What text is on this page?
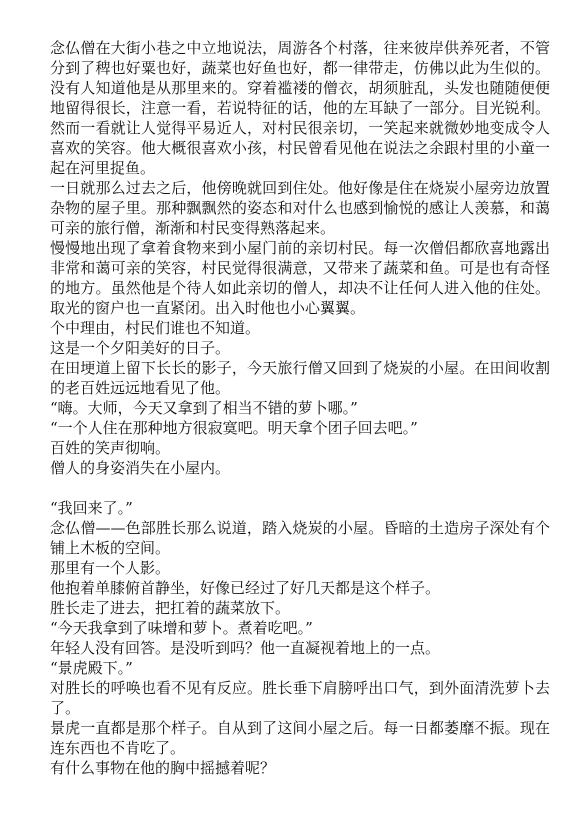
念仏僧在大街小巷之中立地说法，周游各个村落，往来彼岸供养死者，不管分到了稗也好粟也好，蔬菜也好鱼也好，都一律带走，仿佛以此为生似的。没有人知道他是从那里来的。穿着褴褛的僧衣，胡须脏乱，头发也随随便便地留得很长，注意一看，若说特征的话，他的左耳缺了一部分。目光锐利。然而一看就让人觉得平易近人，对村民很亲切，一笑起来就微妙地变成令人喜欢的笑容。他大概很喜欢小孩，村民曾看见他在说法之余跟村里的小童一起在河里捉鱼。

一日就那么过去之后，他傍晚就回到住处。他好像是住在烧炭小屋旁边放置杂物的屋子里。那种飘飘然的姿态和对什么也感到愉悦的感让人羡慕，和蔼可亲的旅行僧，渐渐和村民变得熟落起来。

慢慢地出现了拿着食物来到小屋门前的亲切村民。每一次僧侣都欣喜地露出非常和蔼可亲的笑容，村民觉得很满意，又带来了蔬菜和鱼。可是也有奇怪的地方。虽然他是个待人如此亲切的僧人，却决不让任何人进入他的住处。取光的窗户也一直紧闭。出入时他也小心翼翼。

个中理由，村民们谁也不知道。

这是一个夕阳美好的日子。

在田埂道上留下长长的影子，今天旅行僧又回到了烧炭的小屋。在田间收割的老百姓远远地看见了他。

“嗨。大师，今天又拿到了相当不错的萝卜哪。”

“一个人住在那种地方很寂寞吧。明天拿个团子回去吧。”

百姓的笑声彻响。

僧人的身姿消失在小屋内。

“我回来了。”

念仏僧——色部胜长那么说道，踏入烧炭的小屋。昏暗的土造房子深处有个铺上木板的空间。

那里有一个人影。

他抱着单膝俯首静坐，好像已经过了好几天都是这个样子。

胜长走了进去，把扛着的蔬菜放下。

“今天我拿到了味增和萝卜。煮着吃吧。”

年轻人没有回答。是没听到吗？他一直凝视着地上的一点。

“景虎殿下。”

对胜长的呼唤也看不见有反应。胜长垂下肩膀呼出口气，到外面清洗萝卜去了。

景虎一直都是那个样子。自从到了这间小屋之后。每一日都萎靡不振。现在连东西也不肯吃了。

有什么事物在他的胸中摇撼着呢？
